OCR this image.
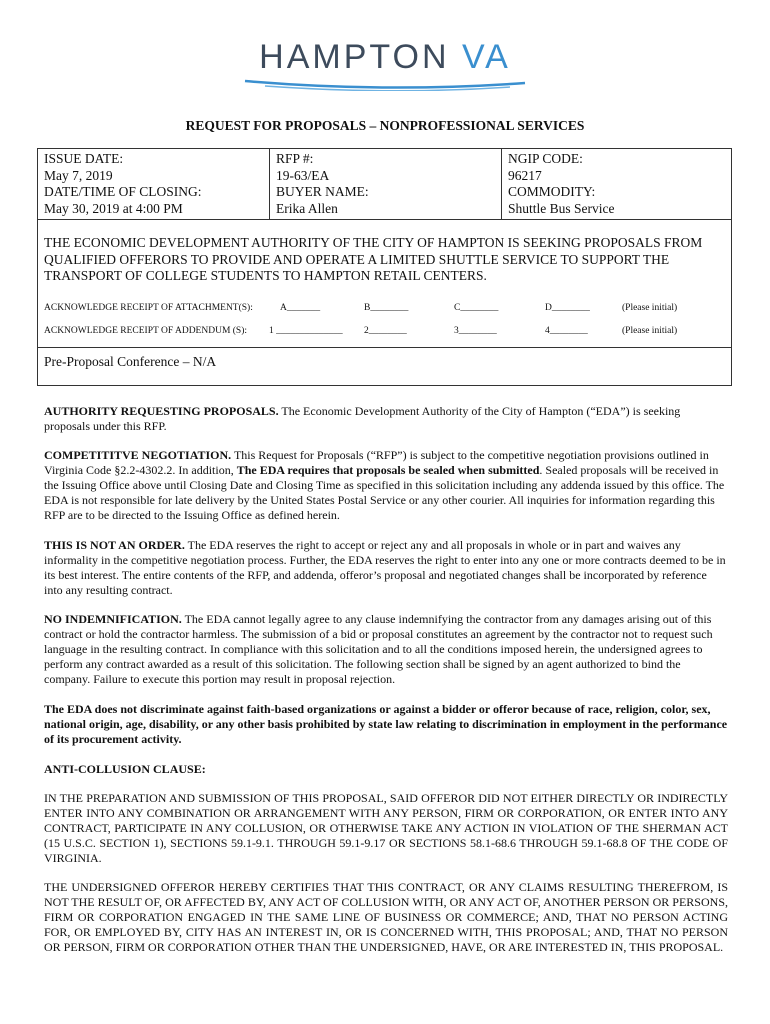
HAMPTON VA
REQUEST FOR PROPOSALS – NONPROFESSIONAL SERVICES
ISSUE DATE:
May 7, 2019
DATE/TIME OF CLOSING:
May 30, 2019 at 4:00 PM
RFP #:
19-63/EA
BUYER NAME:
Erika Allen
NGIP CODE:
96217
COMMODITY:
Shuttle Bus Service
THE ECONOMIC DEVELOPMENT AUTHORITY OF THE CITY OF HAMPTON IS SEEKING PROPOSALS FROM QUALIFIED OFFERORS TO PROVIDE AND OPERATE A LIMITED SHUTTLE SERVICE TO SUPPORT THE TRANSPORT OF COLLEGE STUDENTS TO HAMPTON RETAIL CENTERS.
ACKNOWLEDGE RECEIPT OF ATTACHMENT(S):	A_______	B________	C________	D________	(Please initial)
ACKNOWLEDGE RECEIPT OF ADDENDUM (S): 1 ______________ 2________	3________	4________	(Please initial)
Pre-Proposal Conference – N/A
AUTHORITY REQUESTING PROPOSALS. The Economic Development Authority of the City of Hampton (“EDA”) is seeking proposals under this RFP.
COMPETITITVE NEGOTIATION. This Request for Proposals (“RFP”) is subject to the competitive negotiation provisions outlined in Virginia Code §2.2-4302.2. In addition, The EDA requires that proposals be sealed when submitted. Sealed proposals will be received in the Issuing Office above until Closing Date and Closing Time as specified in this solicitation including any addenda issued by this office. The EDA is not responsible for late delivery by the United States Postal Service or any other courier. All inquiries for information regarding this RFP are to be directed to the Issuing Office as defined herein.
THIS IS NOT AN ORDER. The EDA reserves the right to accept or reject any and all proposals in whole or in part and waives any informality in the competitive negotiation process. Further, the EDA reserves the right to enter into any one or more contracts deemed to be in its best interest. The entire contents of the RFP, and addenda, offeror’s proposal and negotiated changes shall be incorporated by reference into any resulting contract.
NO INDEMNIFICATION. The EDA cannot legally agree to any clause indemnifying the contractor from any damages arising out of this contract or hold the contractor harmless. The submission of a bid or proposal constitutes an agreement by the contractor not to request such language in the resulting contract. In compliance with this solicitation and to all the conditions imposed herein, the undersigned agrees to perform any contract awarded as a result of this solicitation. The following section shall be signed by an agent authorized to bind the company. Failure to execute this portion may result in proposal rejection.
The EDA does not discriminate against faith-based organizations or against a bidder or offeror because of race, religion, color, sex, national origin, age, disability, or any other basis prohibited by state law relating to discrimination in employment in the performance of its procurement activity.
ANTI-COLLUSION CLAUSE:
IN THE PREPARATION AND SUBMISSION OF THIS PROPOSAL, SAID OFFEROR DID NOT EITHER DIRECTLY OR INDIRECTLY ENTER INTO ANY COMBINATION OR ARRANGEMENT WITH ANY PERSON, FIRM OR CORPORATION, OR ENTER INTO ANY CONTRACT, PARTICIPATE IN ANY COLLUSION, OR OTHERWISE TAKE ANY ACTION IN VIOLATION OF THE SHERMAN ACT (15 U.S.C. SECTION 1), SECTIONS 59.1-9.1. THROUGH 59.1-9.17 OR SECTIONS 58.1-68.6 THROUGH 59.1-68.8 OF THE CODE OF VIRGINIA.
THE UNDERSIGNED OFFEROR HEREBY CERTIFIES THAT THIS CONTRACT, OR ANY CLAIMS RESULTING THEREFROM, IS NOT THE RESULT OF, OR AFFECTED BY, ANY ACT OF COLLUSION WITH, OR ANY ACT OF, ANOTHER PERSON OR PERSONS, FIRM OR CORPORATION ENGAGED IN THE SAME LINE OF BUSINESS OR COMMERCE; AND, THAT NO PERSON ACTING FOR, OR EMPLOYED BY, CITY HAS AN INTEREST IN, OR IS CONCERNED WITH, THIS PROPOSAL; AND, THAT NO PERSON OR PERSON, FIRM OR CORPORATION OTHER THAN THE UNDERSIGNED, HAVE, OR ARE INTERESTED IN, THIS PROPOSAL.
